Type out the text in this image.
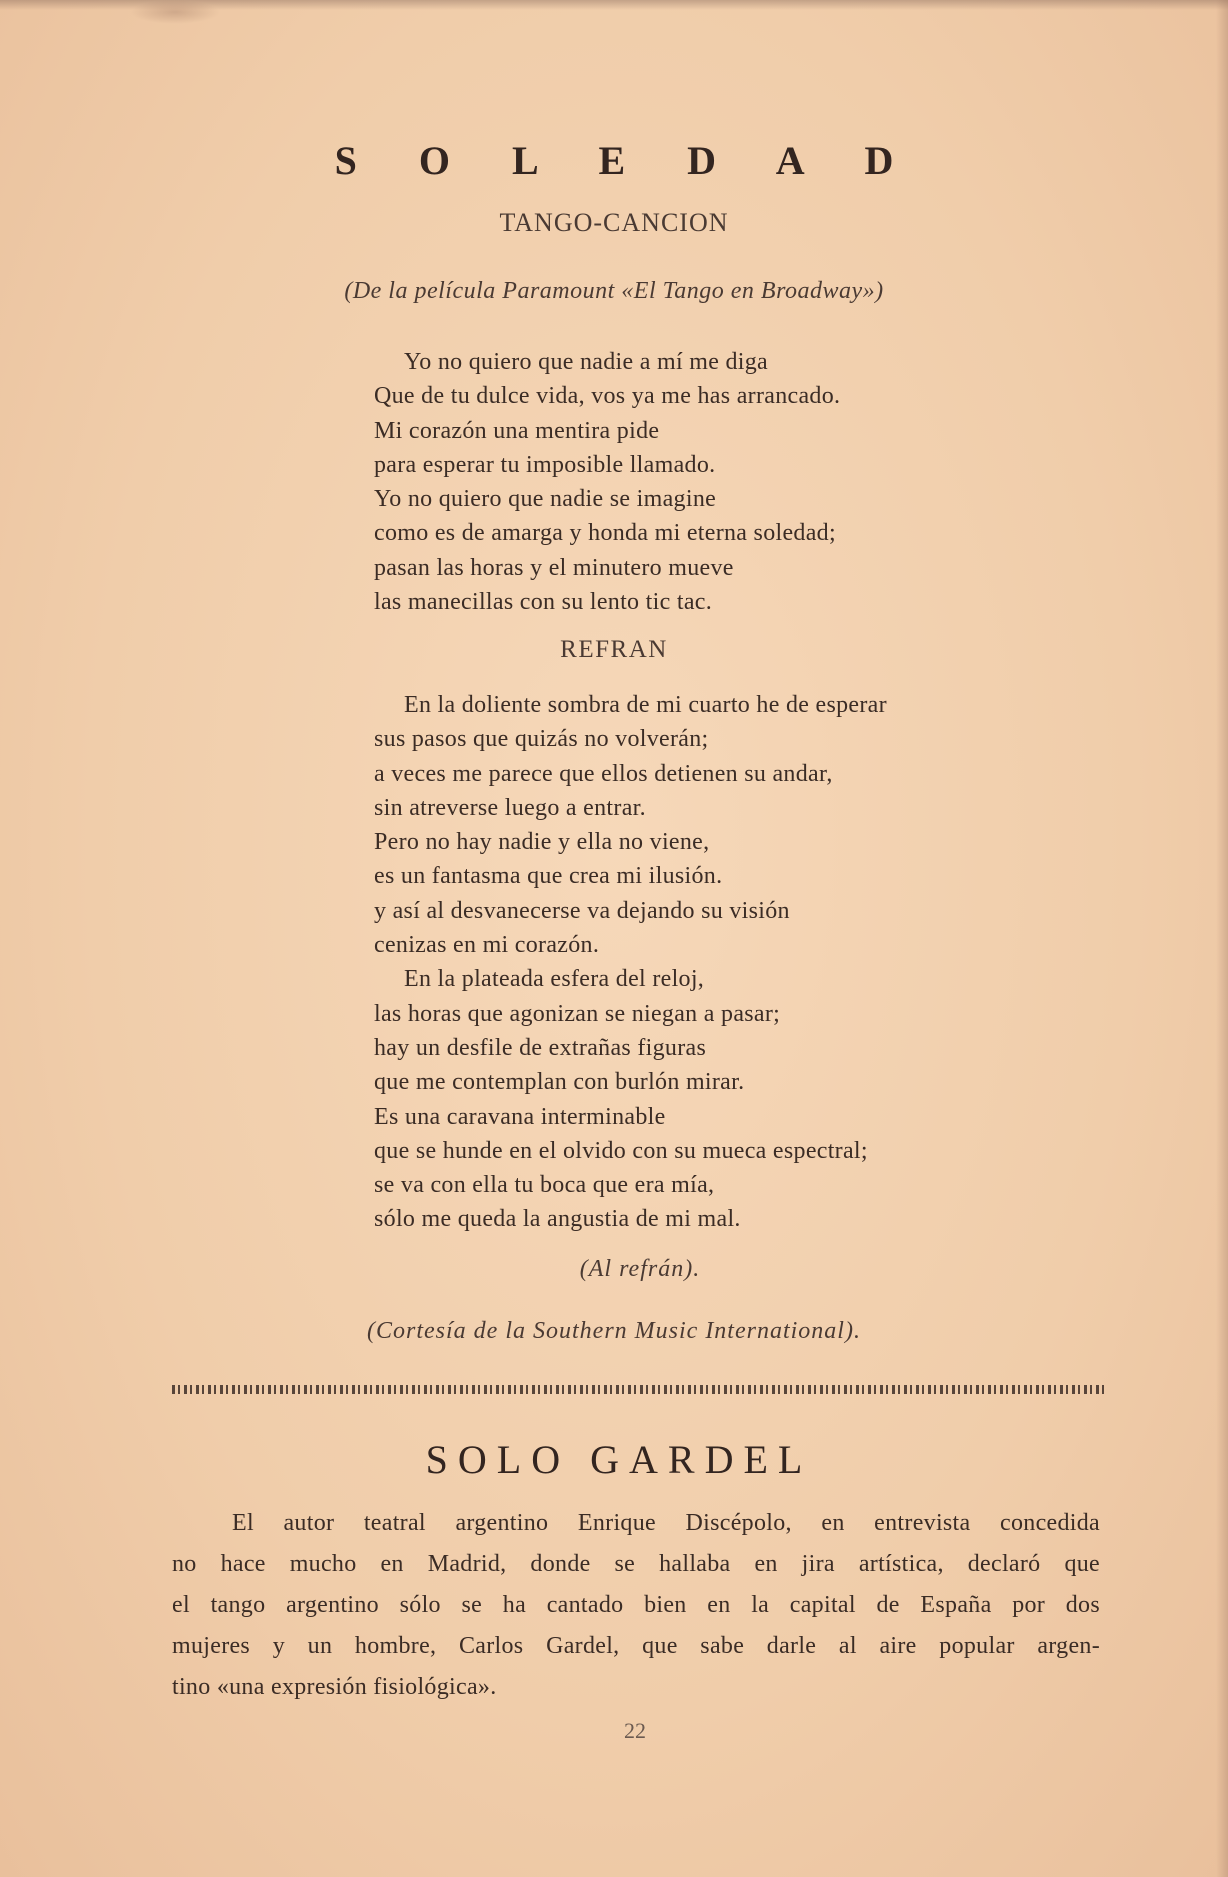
S O L E D A D
TANGO-CANCION
(De la película Paramount «El Tango en Broadway»)
Yo no quiero que nadie a mí me diga
Que de tu dulce vida, vos ya me has arrancado.
Mi corazón una mentira pide
para esperar tu imposible llamado.
Yo no quiero que nadie se imagine
como es de amarga y honda mi eterna soledad;
pasan las horas y el minutero mueve
las manecillas con su lento tic tac.
REFRAN
En la doliente sombra de mi cuarto he de esperar
sus pasos que quizás no volverán;
a veces me parece que ellos detienen su andar,
sin atreverse luego a entrar.
Pero no hay nadie y ella no viene,
es un fantasma que crea mi ilusión.
y así al desvanecerse va dejando su visión
cenizas en mi corazón.
En la plateada esfera del reloj,
las horas que agonizan se niegan a pasar;
hay un desfile de extrañas figuras
que me contemplan con burlón mirar.
Es una caravana interminable
que se hunde en el olvido con su mueca espectral;
se va con ella tu boca que era mía,
sólo me queda la angustia de mi mal.
(Al refrán).
(Cortesía de la Southern Music International).
SOLO GARDEL
El autor teatral argentino Enrique Discépolo, en entrevista concedida
no hace mucho en Madrid, donde se hallaba en jira artística, declaró que
el tango argentino sólo se ha cantado bien en la capital de España por dos
mujeres y un hombre, Carlos Gardel, que sabe darle al aire popular argen-
tino «una expresión fisiológica».
22
